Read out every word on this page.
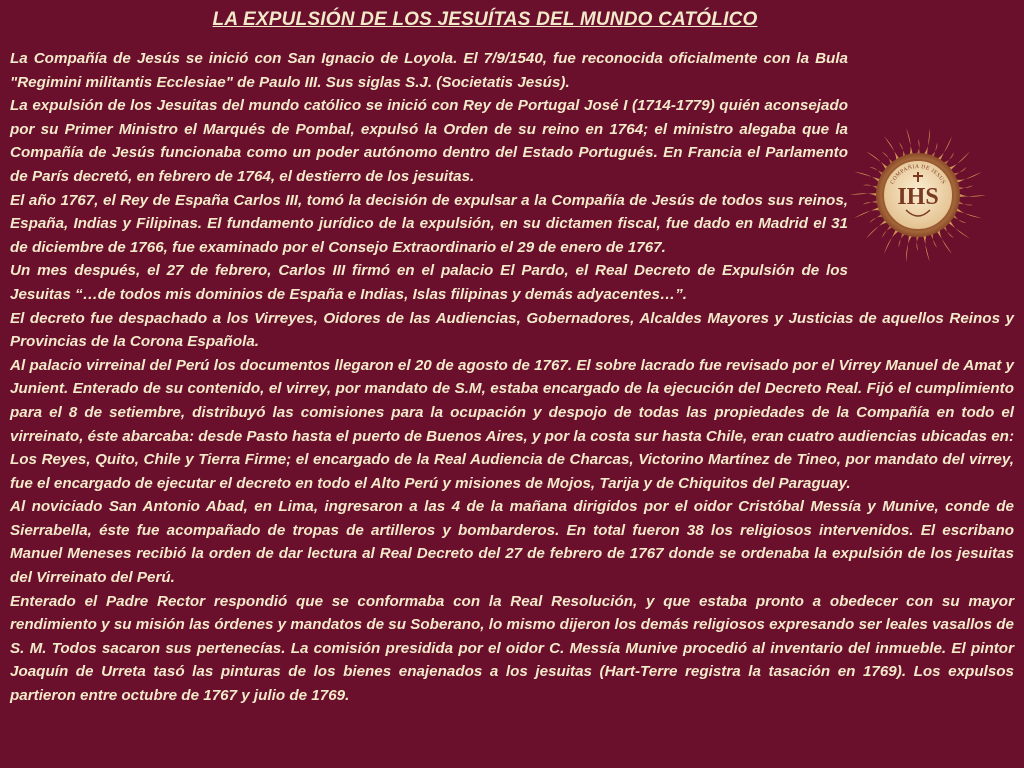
LA EXPULSIÓN DE LOS JESUÍTAS DEL MUNDO CATÓLICO

La Compañía de Jesús se inició con San Ignacio de Loyola. El 7/9/1540, fue reconocida oficialmente con la Bula "Regimini militantis Ecclesiae" de Paulo III. Sus siglas S.J. (Societatis Jesús).

La expulsión de los Jesuitas del mundo católico se inició con Rey de Portugal José I (1714-1779) quién aconsejado por su Primer Ministro el Marqués de Pombal, expulsó la Orden de su reino en 1764; el ministro alegaba que la Compañía de Jesús funcionaba como un poder autónomo dentro del Estado Portugués. En Francia el Parlamento de París decretó, en febrero de 1764, el destierro de los jesuitas.

El año 1767, el Rey de España Carlos III, tomó la decisión de expulsar a la Compañía de Jesús de todos sus reinos, España, Indias y Filipinas. El fundamento jurídico de la expulsión, en su dictamen fiscal, fue dado en Madrid el 31 de diciembre de 1766, fue examinado por el Consejo Extraordinario el 29 de enero de 1767.

Un mes después, el 27 de febrero, Carlos III firmó en el palacio El Pardo, el Real Decreto de Expulsión de los Jesuitas “…de todos mis dominios de España e Indias, Islas filipinas y demás adyacentes…”.

El decreto fue despachado a los Virreyes, Oidores de las Audiencias, Gobernadores, Alcaldes Mayores y Justicias de aquellos Reinos y Provincias de la Corona Española.

Al palacio virreinal del Perú los documentos llegaron el 20 de agosto de 1767. El sobre lacrado fue revisado por el Virrey Manuel de Amat y Junient. Enterado de su contenido, el virrey, por mandato de S.M, estaba encargado de la ejecución del Decreto Real. Fijó el cumplimiento para el 8 de setiembre, distribuyó las comisiones para la ocupación y despojo de todas las propiedades de la Compañía en todo el virreinato, éste abarcaba: desde Pasto hasta el puerto de Buenos Aires, y por la costa sur hasta Chile, eran cuatro audiencias ubicadas en: Los Reyes, Quito, Chile y Tierra Firme; el encargado de la Real Audiencia de Charcas, Victorino Martínez de Tineo, por mandato del virrey, fue el encargado de ejecutar el decreto en todo el Alto Perú y misiones de Mojos, Tarija y de Chiquitos del Paraguay.

Al noviciado San Antonio Abad, en Lima, ingresaron a las 4 de la mañana dirigidos por el oidor Cristóbal Messía y Munive, conde de Sierrabella, éste fue acompañado de tropas de artilleros y bombarderos. En total fueron 38 los religiosos intervenidos. El escribano Manuel Meneses recibió la orden de dar lectura al Real Decreto del 27 de febrero de 1767 donde se ordenaba la expulsión de los jesuitas del Virreinato del Perú.

Enterado el Padre Rector respondió que se conformaba con la Real Resolución, y que estaba pronto a obedecer con su mayor rendimiento y su misión las órdenes y mandatos de su Soberano, lo mismo dijeron los demás religiosos expresando ser leales vasallos de S. M. Todos sacaron sus pertenecías. La comisión presidida por el oidor C. Messía Munive procedió al inventario del inmueble. El pintor Joaquín de Urreta tasó las pinturas de los bienes enajenados a los jesuitas (Hart-Terre registra la tasación en 1769). Los expulsos partieron entre octubre de 1767 y julio de 1769.

COMPAÑIA DE JESUS
IHS
